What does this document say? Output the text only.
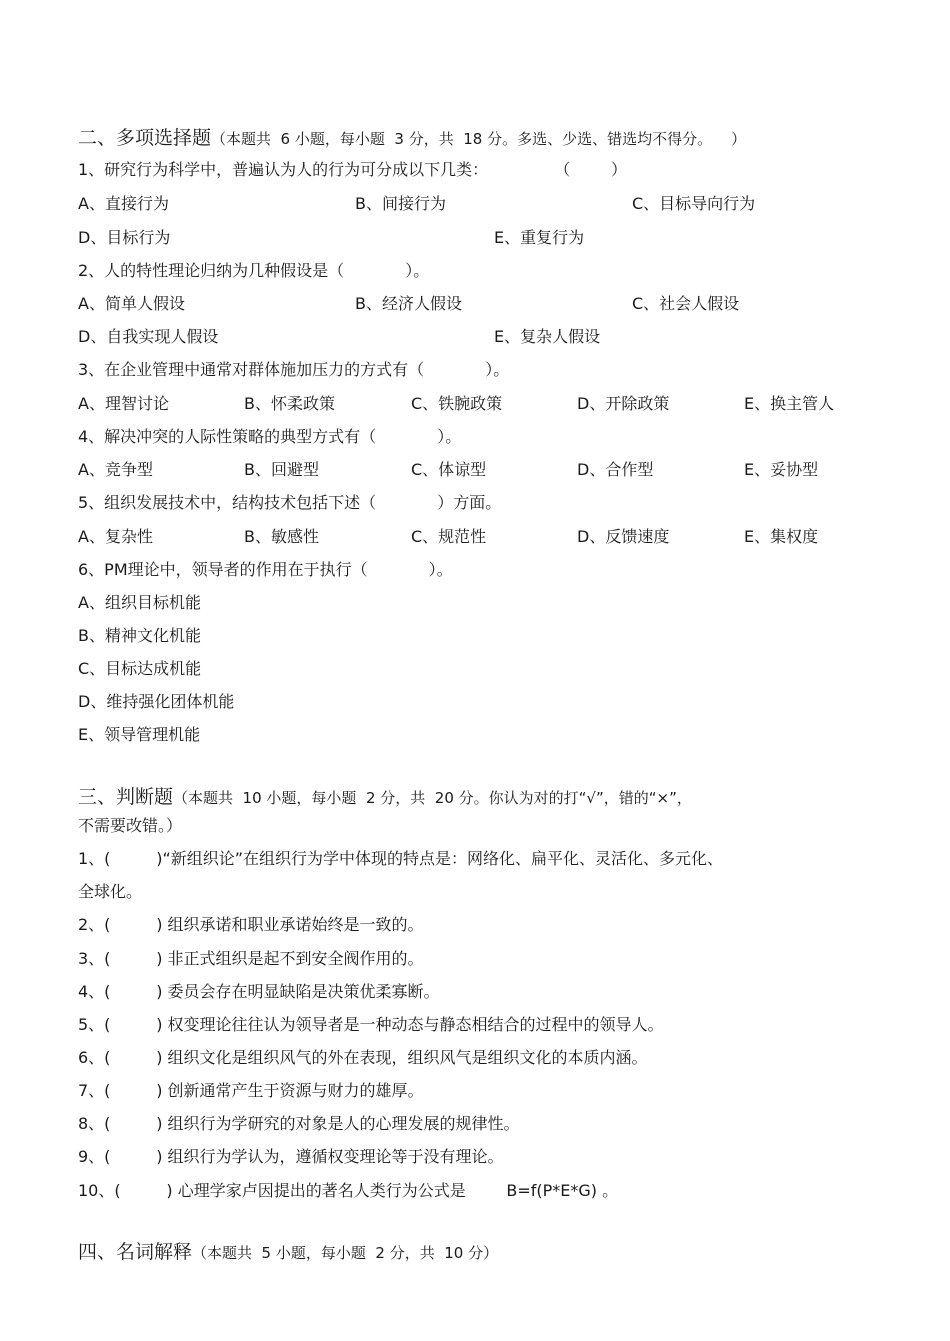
二、多项选择题（本题共  6 小题，每小题  3 分，共  18 分。多选、少选、错选均不得分。    ）
1、研究行为科学中，普遍认为人的行为可分成以下几类：             （        ）
A、直接行为	B、间接行为	C、目标导向行为
D、目标行为	E、重复行为
2、人的特性理论归纳为几种假设是（            ）。
A、简单人假设	B、经济人假设	C、社会人假设
D、自我实现人假设	E、复杂人假设
3、在企业管理中通常对群体施加压力的方式有（            ）。
A、理智讨论	B、怀柔政策	C、铁腕政策	D、开除政策	E、换主管人
4、解决冲突的人际性策略的典型方式有（            ）。
A、竞争型	B、回避型	C、体谅型	D、合作型	E、妥协型
5、组织发展技术中，结构技术包括下述（            ）方面。
A、复杂性	B、敏感性	C、规范性	D、反馈速度	E、集权度
6、PM理论中，领导者的作用在于执行（            ）。
A、组织目标机能
B、精神文化机能
C、目标达成机能
D、维持强化团体机能
E、领导管理机能
三、判断题（本题共  10 小题，每小题  2 分，共  20 分。你认为对的打“√”，错的“×”，
不需要改错。）
1、(         )“新组织论”在组织行为学中体现的特点是：网络化、扁平化、灵活化、多元化、
全球化。
2、(         ) 组织承诺和职业承诺始终是一致的。
3、(         ) 非正式组织是起不到安全阀作用的。
4、(         ) 委员会存在明显缺陷是决策优柔寡断。
5、(         ) 权变理论往往认为领导者是一种动态与静态相结合的过程中的领导人。
6、(         ) 组织文化是组织风气的外在表现，组织风气是组织文化的本质内涵。
7、(         ) 创新通常产生于资源与财力的雄厚。
8、(         ) 组织行为学研究的对象是人的心理发展的规律性。
9、(         ) 组织行为学认为，遵循权变理论等于没有理论。
10、(         ) 心理学家卢因提出的著名人类行为公式是        B=f(P*E*G) 。
四、名词解释（本题共  5 小题，每小题  2 分，共  10 分）
